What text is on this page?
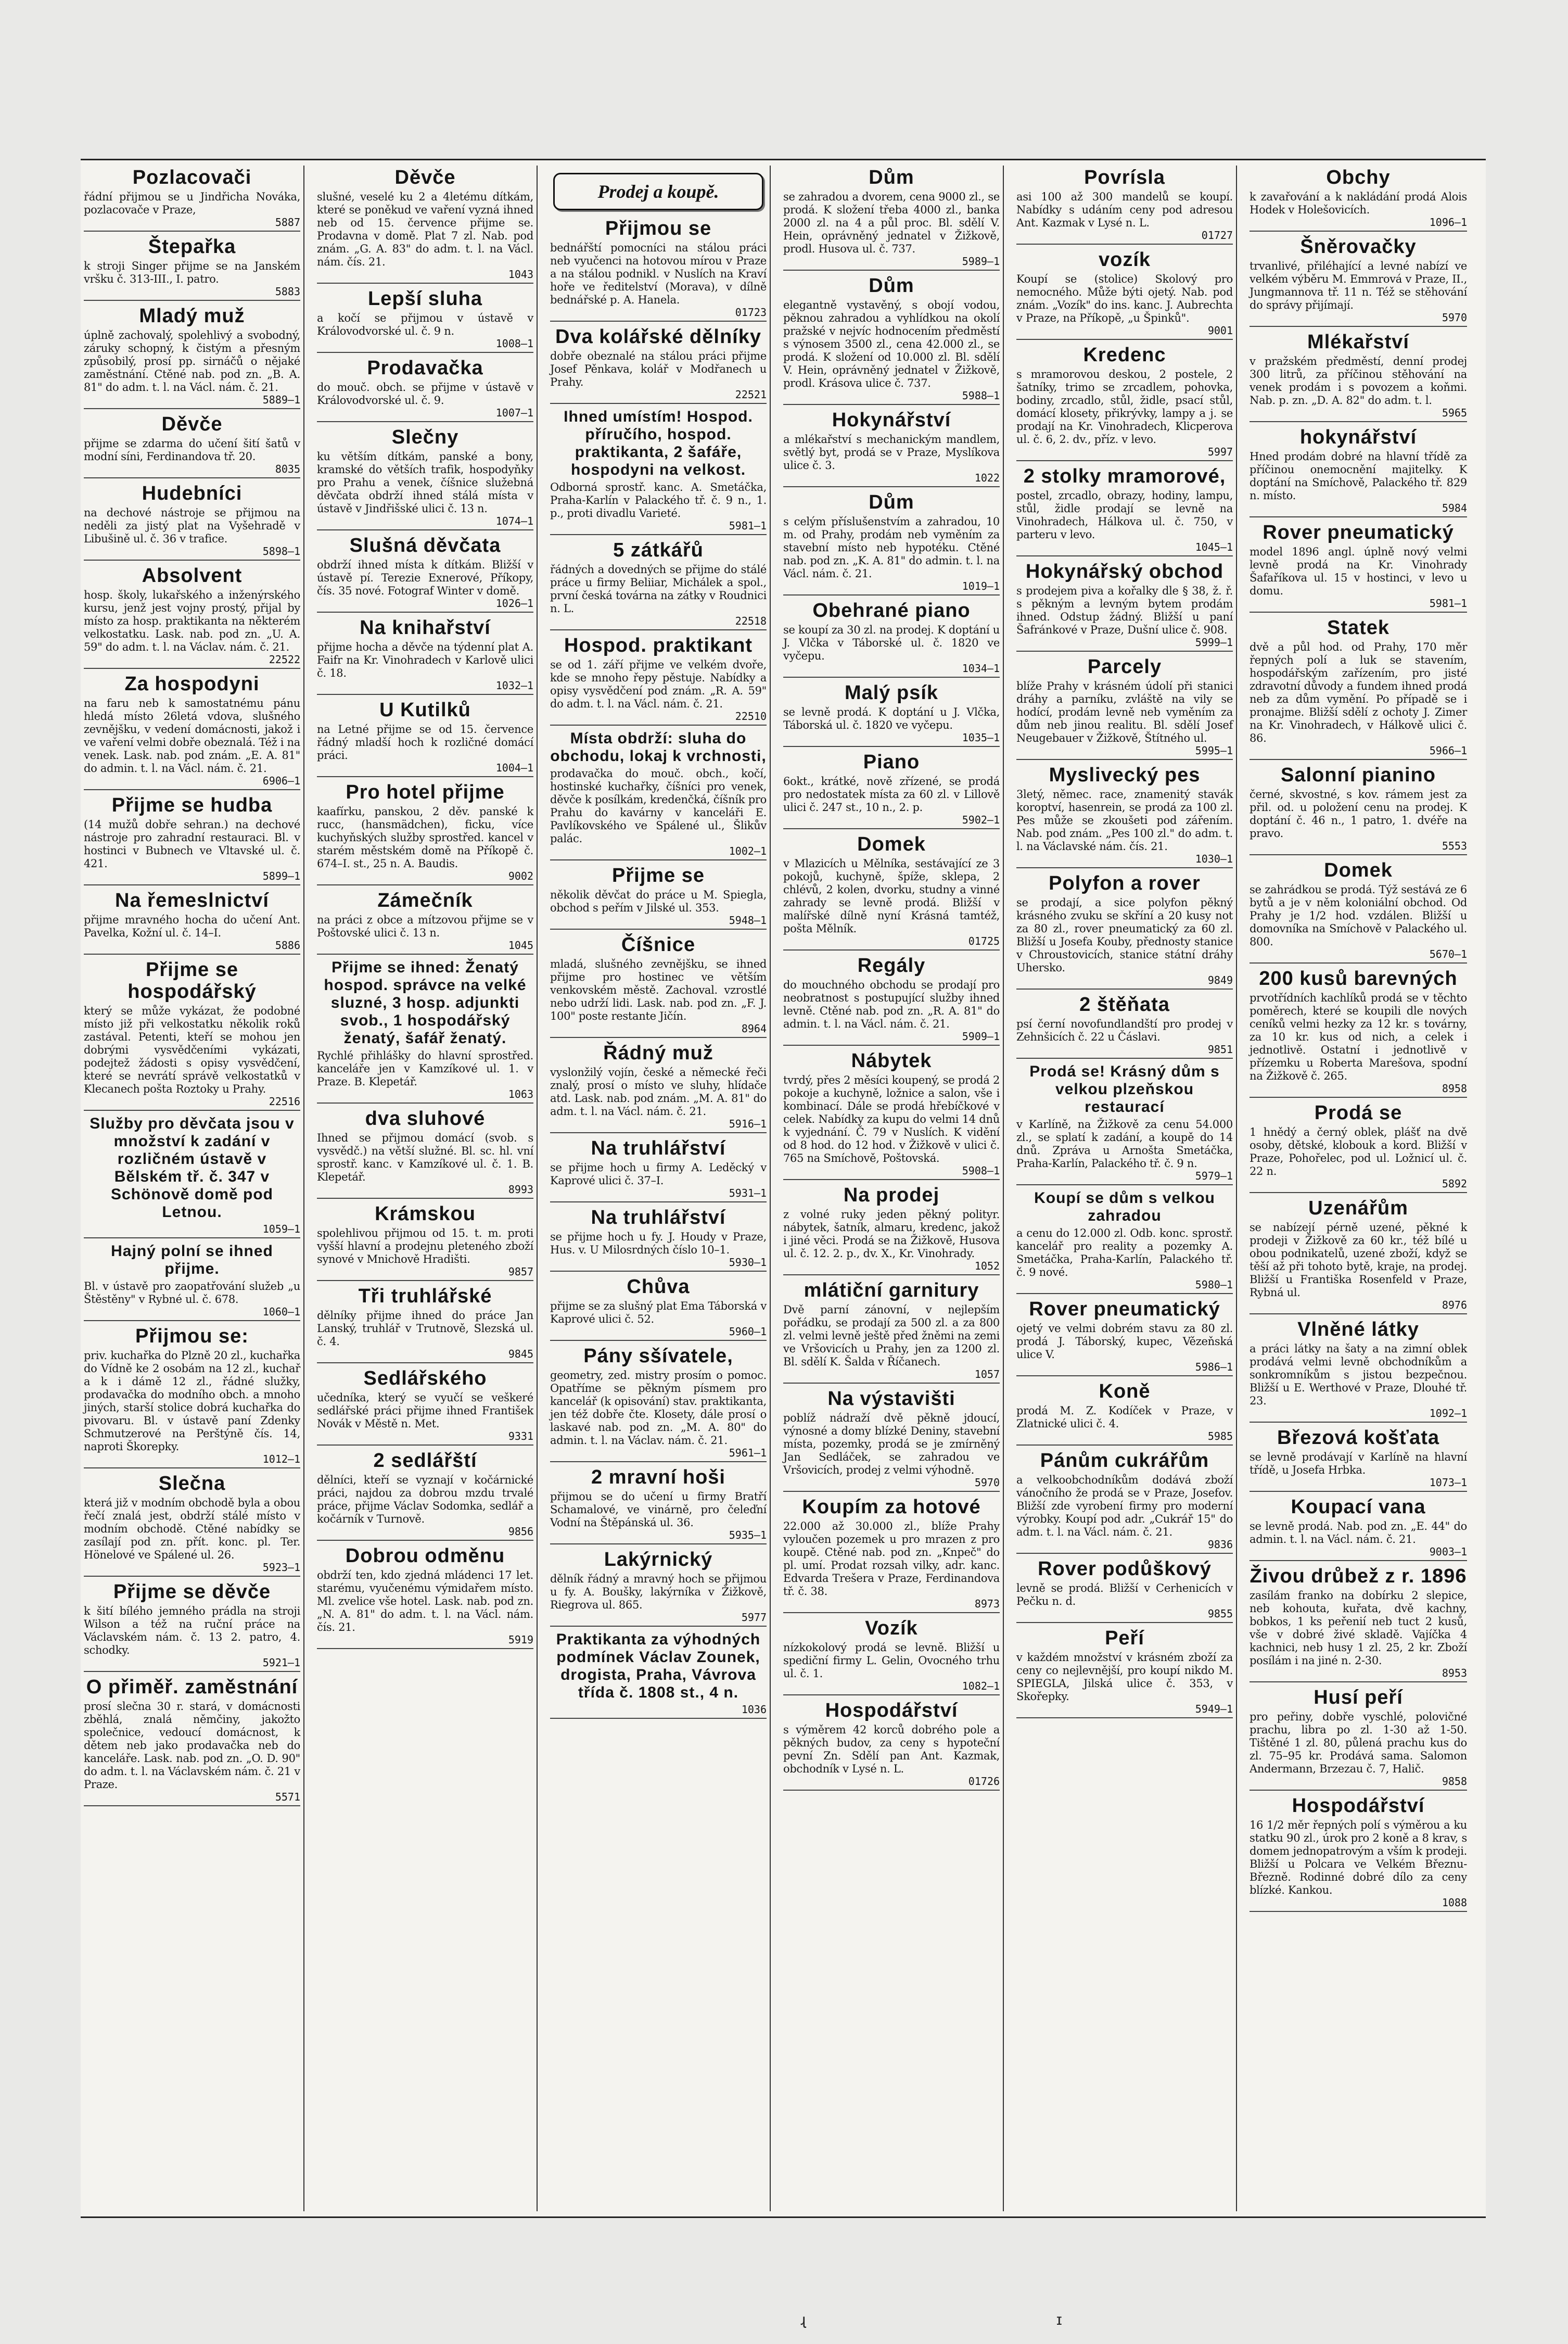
Pozlacovači

řádní přijmou se u Jindřicha Nováka, pozlacovače v Praze,

5887

Štepařka

k stroji Singer přijme se na Janském vršku č. 313-III., I. patro.

5883

Mladý muž

úplně zachovalý, spolehlivý a svobodný, záruky schopný, k čistým a přesným způsobilý, prosí pp. sirnáčů o nějaké zaměstnání. Ctěné nab. pod zn. „B. A. 81" do adm. t. l. na Václ. nám. č. 21.

5889–1

Děvče

přijme se zdarma do učení šití šatů v modní síni, Ferdinandova tř. 20.

8035

Hudebníci

na dechové nástroje se přijmou na neděli za jistý plat na Vyšehradě v Libušině ul. č. 36 v trafice.

5898–1

Absolvent

hosp. školy, lukařského a inženýrského kursu, jenž jest vojny prostý, přijal by místo za hosp. praktikanta na některém velkostatku. Lask. nab. pod zn. „U. A. 59" do adm. t. l. na Václav. nám. č. 21.

22522

Za hospodyni

na faru neb k samostatnému pánu hledá místo 26letá vdova, slušného zevnějšku, v vedení domácnosti, jakož i ve vaření velmi dobře obeznalá. Též i na venek. Lask. nab. pod znám. „E. A. 81" do admin. t. l. na Václ. nám. č. 21.

6906–1

Přijme se hudba

(14 mužů dobře sehran.) na dechové nástroje pro zahradní restauraci. Bl. v hostinci v Bubnech ve Vltavské ul. č. 421.

5899–1

Na řemeslnictví

přijme mravného hocha do učení Ant. Pavelka, Kožní ul. č. 14–I.

5886

Přijme se hospodářský

který se může vykázat, že podobné místo již při velkostatku několik roků zastával. Petenti, kteří se mohou jen dobrými vysvědčeními vykázati, podejtež žádosti s opisy vysvědčení, které se nevrátí správě velkostatků v Klecanech pošta Roztoky u Prahy.

22516

Služby pro děvčata jsou v množství k zadání v rozličném ústavě v Bělském tř. č. 347 v Schönově domě pod Letnou.

1059–1

Hajný polní se ihned přijme.

Bl. v ústavě pro zaopatřování služeb „u Štěstěny" v Rybné ul. č. 678.

1060–1

Přijmou se:

priv. kuchařka do Plzně 20 zl., kuchařka do Vídně ke 2 osobám na 12 zl., kuchař a k i dámě 12 zl., řádné služky, prodavačka do modního obch. a mnoho jiných, starší stolice dobrá kuchařka do pivovaru. Bl. v ústavě paní Zdenky Schmutzerové na Perštýně čís. 14, naproti Škorepky.

1012–1

Slečna

která již v modním obchodě byla a obou řečí znalá jest, obdrží stálé místo v modním obchodě. Ctěné nabídky se zasílají pod zn. přít. konc. pl. Ter. Hönelové ve Spálené ul. 26.

5923–1

Přijme se děvče

k šití bílého jemného prádla na stroji Wilson a též na ruční práce na Václavském nám. č. 13 2. patro, 4. schodky.

5921–1

O přiměř. zaměstnání

prosí slečna 30 r. stará, v domácnosti zběhlá, znalá němčiny, jakožto společnice, vedoucí domácnost, k dětem neb jako prodavačka neb do kanceláře. Lask. nab. pod zn. „O. D. 90" do adm. t. l. na Václavském nám. č. 21 v Praze.

5571

Děvče

slušné, veselé ku 2 a 4letému dítkám, které se poněkud ve vaření vyzná ihned neb od 15. července přijme se. Prodavna v domě. Plat 7 zl. Nab. pod znám. „G. A. 83" do adm. t. l. na Václ. nám. čís. 21.

1043

Lepší sluha

a kočí se přijmou v ústavě v Královodvorské ul. č. 9 n.

1008–1

Prodavačka

do mouč. obch. se přijme v ústavě v Královodvorské ul. č. 9.

1007–1

Slečny

ku větším dítkám, panské a bony, kramské do větších trafik, hospodyňky pro Prahu a venek, číšnice služebná děvčata obdrží ihned stálá místa v ústavě v Jindřišské ulici č. 13 n.

1074–1

Slušná děvčata

obdrží ihned místa k dítkám. Bližší v ústavě pí. Terezie Exnerové, Příkopy, čís. 35 nové. Fotograf Winter v domě.

1026–1

Na knihařství

přijme hocha a děvče na týdenní plat A. Faifr na Kr. Vinohradech v Karlově ulici č. 18.

1032–1

U Kutilků

na Letné přijme se od 15. července řádný mladší hoch k rozličné domácí práci.

1004–1

Pro hotel přijme

kaafírku, panskou, 2 děv. panské k rucc, (hansmädchen), ficku, více kuchyňských služby sprostřed. kancel v starém městském domě na Příkopě č. 674–I. st., 25 n. A. Baudis.

9002

Zámečník

na práci z obce a mítzovou přijme se v Poštovské ulici č. 13 n.

1045

Přijme se ihned: Ženatý hospod. správce na velké sluzné, 3 hosp. adjunkti svob., 1 hospodářský ženatý, šafář ženatý.

Rychlé přihlášky do hlavní sprostřed. kanceláře jen v Kamzíkové ul. 1. v Praze. B. Klepetář.

1063

dva sluhové

Ihned se přijmou domácí (svob. s vysvědč.) na větší služné. Bl. sc. hl. vní sprostř. kanc. v Kamzíkové ul. č. 1. B. Klepetář.

8993

Krámskou

spolehlivou přijmou od 15. t. m. proti vyšší hlavní a prodejnu pleteného zboží synové v Mnichově Hradišti.

9857

Tři truhlářské

dělníky přijme ihned do práce Jan Lanský, truhlář v Trutnově, Slezská ul. č. 4.

9845

Sedlářského

učedníka, který se vyučí se veškeré sedlářské práci přijme ihned František Novák v Městě n. Met.

9331

2 sedlářští

dělníci, kteří se vyznají v kočárnické práci, najdou za dobrou mzdu trvalé práce, přijme Václav Sodomka, sedlář a kočárník v Turnově.

9856

Dobrou odměnu

obdrží ten, kdo zjedná mládenci 17 let. starému, vyučenému výmidařem místo. Ml. zvelice vše hotel. Lask. nab. pod zn. „N. A. 81" do adm. t. l. na Václ. nám. čís. 21.

5919

Prodej a koupě.
Přijmou se

bednářští pomocníci na stálou práci neb vyučenci na hotovou mírou v Praze a na stálou podnikl. v Nuslích na Kraví hoře ve ředitelství (Morava), v dílně bednářské p. A. Hanela.

01723

Dva kolářské dělníky

dobře obeznalé na stálou práci přijme Josef Pěnkava, kolář v Modřanech u Prahy.

22521

Ihned umístím! Hospod. příručího, hospod. praktikanta, 2 šafáře, hospodyni na velkost.

Odborná sprostř. kanc. A. Smetáčka, Praha-Karlín v Palackého tř. č. 9 n., 1. p., proti divadlu Varieté.

5981–1

5 zátkářů

řádných a dovedných se přijme do stálé práce u firmy Beliiar, Michálek a spol., první česká továrna na zátky v Roudnici n. L.

22518

Hospod. praktikant

se od 1. září přijme ve velkém dvoře, kde se mnoho řepy pěstuje. Nabídky a opisy vysvědčení pod znám. „R. A. 59" do adm. t. l. na Václ. nám. č. 21.

22510

Místa obdrží: sluha do obchodu, lokaj k vrchnosti,

prodavačka do mouč. obch., kočí, hostinské kuchařky, číšníci pro venek, děvče k posílkám, kredenčká, číšník pro Prahu do kavárny v kanceláři E. Pavlíkovského ve Spálené ul., Šlikův palác.

1002–1

Přijme se

několik děvčat do práce u M. Spiegla, obchod s peřím v Jilské ul. 353.

5948–1

Číšnice

mladá, slušného zevnějšku, se ihned přijme pro hostinec ve větším venkovském městě. Zachoval. vzrostlé nebo udrží lidi. Lask. nab. pod zn. „F. J. 100" poste restante Jičín.

8964

Řádný muž

vyslonžilý vojín, české a německé řeči znalý, prosí o místo ve sluhy, hlídače atd. Lask. nab. pod znám. „M. A. 81" do adm. t. l. na Václ. nám. č. 21.

5916–1

Na truhlářství

se přijme hoch u firmy A. Leděcký v Kaprové ulici č. 37–I.

5931–1

Na truhlářství

se přijme hoch u fy. J. Houdy v Praze, Hus. v. U Milosrdných číslo 10–1.

5930–1

Chůva

přijme se za slušný plat Ema Táborská v Kaprové ulici č. 52.

5960–1

Pány sšívatele,

geometry, zed. mistry prosím o pomoc. Opatříme se pěkným písmem pro kancelář (k opisování) stav. praktikanta, jen též dobře čte. Klosety, dále prosí o laskavé nab. pod zn. „M. A. 80" do admin. t. l. na Václav. nám. č. 21.

5961–1

2 mravní hoši

přijmou se do učení u firmy Bratří Schamalové, ve vinárně, pro čeleďní Vodní na Štěpánská ul. 36.

5935–1

Lakýrnický

dělník řádný a mravný hoch se přijmou u fy. A. Boušky, lakýrníka v Žižkově, Riegrova ul. 865.

5977

Praktikanta za výhodných podmínek Václav Zounek, drogista, Praha, Vávrova třída č. 1808 st., 4 n.

1036

Dům

se zahradou a dvorem, cena 9000 zl., se prodá. K složení třeba 4000 zl., banka 2000 zl. na 4 a půl proc. Bl. sdělí V. Hein, oprávněný jednatel v Žižkově, prodl. Husova ul. č. 737.

5989–1

Dům

elegantně vystavěný, s obojí vodou, pěknou zahradou a vyhlídkou na okolí pražské v nejvíc hodnocením předměstí s výnosem 3500 zl., cena 42.000 zl., se prodá. K složení od 10.000 zl. Bl. sdělí V. Hein, oprávněný jednatel v Žižkově, prodl. Krásova ulice č. 737.

5988–1

Hokynářství

a mlékařství s mechanickým mandlem, světlý byt, prodá se v Praze, Myslíkova ulice č. 3.

1022

Dům

s celým příslušenstvím a zahradou, 10 m. od Prahy, prodám neb vyměním za stavební místo neb hypotéku. Ctěné nab. pod zn. „K. A. 81" do admin. t. l. na Václ. nám. č. 21.

1019–1

Obehrané piano

se koupí za 30 zl. na prodej. K doptání u J. Vlčka v Táborské ul. č. 1820 ve vyčepu.

1034–1

Malý psík

se levně prodá. K doptání u J. Vlčka, Táborská ul. č. 1820 ve vyčepu.

1035–1

Piano

6okt., krátké, nově zřízené, se prodá pro nedostatek místa za 60 zl. v Lillově ulici č. 247 st., 10 n., 2. p.

5902–1

Domek

v Mlazicích u Mělníka, sestávající ze 3 pokojů, kuchyně, špíže, sklepa, 2 chlévů, 2 kolen, dvorku, studny a vinné zahrady se levně prodá. Bližší v malířské dílně nyní Krásná tamtéž, pošta Mělník.

01725

Regály

do mouchného obchodu se prodají pro neobratnost s postupující služby ihned levně. Ctěné nab. pod zn. „R. A. 81" do admin. t. l. na Václ. nám. č. 21.

5909–1

Nábytek

tvrdý, přes 2 měsíci koupený, se prodá 2 pokoje a kuchyně, ložnice a salon, vše i kombinací. Dále se prodá hřebíčkové v celek. Nabídky za kupu do velmi 14 dnů k vyjednání. Č. 79 v Nuslích. K vidění od 8 hod. do 12 hod. v Žižkově v ulici č. 765 na Smíchově, Poštovská.

5908–1

Na prodej

z volné ruky jeden pěkný polityr. nábytek, šatník, almaru, kredenc, jakož i jiné věci. Prodá se na Žižkově, Husova ul. č. 12. 2. p., dv. X., Kr. Vinohrady.

1052

mlátiční garnitury

Dvě parní zánovní, v nejlepším pořádku, se prodají za 500 zl. a za 800 zl. velmi levně ještě před žněmi na zemi ve Vršovicích u Prahy, jen za 1200 zl. Bl. sdělí K. Šalda v Říčanech.

1057

Na výstavišti

poblíž nádraží dvě pěkně jdoucí, výnosné a domy blízké Deniny, stavební místa, pozemky, prodá se je zmírněný Jan Sedláček, se zahradou ve Vršovicích, prodej z velmi výhodně.

5970

Koupím za hotové

22.000 až 30.000 zl., blíže Prahy vyloučen pozemek u pro mrazen z pro koupě. Ctěné nab. pod zn. „Knpeč" do pl. umí. Prodat rozsah vilky, adr. kanc. Edvarda Trešera v Praze, Ferdinandova tř. č. 38.

8973

Vozík

nízkokolový prodá se levně. Bližší u spediční firmy L. Gelin, Ovocného trhu ul. č. 1.

1082–1

Hospodářství

s výměrem 42 korců dobrého pole a pěkných budov, za ceny s hypoteční pevní Zn. Sdělí pan Ant. Kazmak, obchodník v Lysé n. L.

01726

Povrísla

asi 100 až 300 mandelů se koupí. Nabídky s udáním ceny pod adresou Ant. Kazmak v Lysé n. L.

01727

vozík

Koupí se (stolice) Skolový pro nemocného. Může býti ojetý. Nab. pod znám. „Vozík" do ins. kanc. J. Aubrechta v Praze, na Příkopě, „u Špinků".

9001

Kredenc

s mramorovou deskou, 2 postele, 2 šatníky, trimo se zrcadlem, pohovka, bodiny, zrcadlo, stůl, židle, psací stůl, domácí klosety, přikrývky, lampy a j. se prodají na Kr. Vinohradech, Klicperova ul. č. 6, 2. dv., příz. v levo.

5997

2 stolky mramorové,

postel, zrcadlo, obrazy, hodiny, lampu, stůl, židle prodají se levně na Vinohradech, Hálkova ul. č. 750, v parteru v levo.

1045–1

Hokynářský obchod

s prodejem piva a kořalky dle § 38, ž. ř. s pěkným a levným bytem prodám ihned. Odstup žádný. Bližší u paní Šafránkové v Praze, Dušní ulice č. 908.

5999–1

Parcely

blíže Prahy v krásném údolí při stanici dráhy a parníku, zvláště na vily se hodící, prodám levně neb vyměním za dům neb jinou realitu. Bl. sdělí Josef Neugebauer v Žižkově, Štítného ul.

5995–1

Myslivecký pes

3letý, němec. race, znamenitý stavák koroptví, hasenrein, se prodá za 100 zl. Pes může se zkoušeti pod zářením. Nab. pod znám. „Pes 100 zl." do adm. t. l. na Václavské nám. čís. 21.

1030–1

Polyfon a rover

se prodají, a sice polyfon pěkný krásného zvuku se skříní a 20 kusy not za 80 zl., rover pneumatický za 60 zl. Bližší u Josefa Kouby, přednosty stanice v Chroustovicích, stanice státní dráhy Uhersko.

9849

2 štěňata

psí černí novofundlandští pro prodej v Zehnšicích č. 22 u Čáslavi.

9851

Prodá se! Krásný dům s velkou plzeňskou restaurací

v Karlíně, na Žižkově za cenu 54.000 zl., se splatí k zadání, a koupě do 14 dnů. Zpráva u Arnošta Smetáčka, Praha-Karlín, Palackého tř. č. 9 n.

5979–1

Koupí se dům s velkou zahradou

a cenu do 12.000 zl. Odb. konc. sprostř. kancelář pro reality a pozemky A. Smetáčka, Praha-Karlín, Palackého tř. č. 9 nové.

5980–1

Rover pneumatický

ojetý ve velmi dobrém stavu za 80 zl. prodá J. Táborský, kupec, Vězeňská ulice V.

5986–1

Koně

prodá M. Z. Kodíček v Praze, v Zlatnické ulici č. 4.

5985

Pánům cukrářům

a velkoobchodníkům dodává zboží vánočního že prodá se v Praze, Josefov. Bližší zde vyrobení firmy pro moderní výrobky. Koupí pod adr. „Cukrář 15" do adm. t. l. na Václ. nám. č. 21.

9836

Rover podůškový

levně se prodá. Bližší v Cerhenicích v Pečku n. d.

9855

Peří

v každém množství v krásném zboží za ceny co nejlevnější, pro koupí nikdo M. SPIEGLA, Jilská ulice č. 353, v Skořepky.

5949–1

Obchy

k zavařování a k nakládání prodá Alois Hodek v Holešovicích.

1096–1

Šněrovačky

trvanlivé, přiléhající a levné nabízí ve velkém výběru M. Emmrová v Praze, II., Jungmannova tř. 11 n. Též se stěhování do správy přijímají.

5970

Mlékařství

v pražském předměstí, denní prodej 300 litrů, za příčinou stěhování na venek prodám i s povozem a koňmi. Nab. p. zn. „D. A. 82" do adm. t. l.

5965

hokynářství

Hned prodám dobré na hlavní třídě za příčinou onemocnění majitelky. K doptání na Smíchově, Palackého tř. 829 n. místo.

5984

Rover pneumatický

model 1896 angl. úplně nový velmi levně prodá na Kr. Vinohrady Šafaříkova ul. 15 v hostinci, v levo u domu.

5981–1

Statek

dvě a půl hod. od Prahy, 170 měr řepných polí a luk se stavením, hospodářským zařízením, pro jisté zdravotní důvody a fundem ihned prodá neb za dům vymění. Po případě se i pronajme. Bližší sdělí z ochoty J. Zimer na Kr. Vinohradech, v Hálkově ulici č. 86.

5966–1

Salonní pianino

černé, skvostné, s kov. rámem jest za přil. od. u položení cenu na prodej. K doptání č. 46 n., 1 patro, 1. dvéře na pravo.

5553

Domek

se zahrádkou se prodá. Týž sestává ze 6 bytů a je v něm koloniální obchod. Od Prahy je 1/2 hod. vzdálen. Bližší u domovníka na Smíchově v Palackého ul. 800.

5670–1

200 kusů barevných

prvotřídních kachlíků prodá se v těchto poměrech, které se koupili dle nových ceníků velmi hezky za 12 kr. s továrny, za 10 kr. kus od nich, a celek i jednotlivě. Ostatní i jednotlivě v přízemku u Roberta Marešova, spodní na Žižkově č. 265.

8958

Prodá se

1 hnědý a černý oblek, plášť na dvě osoby, dětské, klobouk a kord. Bližší v Praze, Pohořelec, pod ul. Ložnicí ul. č. 22 n.

5892

Uzenářům

se nabízejí pérně uzené, pěkné k prodeji v Žižkově za 60 kr., též bílé u obou podnikatelů, uzené zboží, když se těší až při tohoto bytě, kraje, na prodej. Bližší u Františka Rosenfeld v Praze, Rybná ul.

8976

Vlněné látky

a práci látky na šaty a na zimní oblek prodává velmi levně obchodníkům a sonkromníkům s jistou bezpečnou. Bližší u E. Werthové v Praze, Dlouhé tř. 23.

1092–1

Březová košťata

se levně prodávají v Karlíně na hlavní třídě, u Josefa Hrbka.

1073–1

Koupací vana

se levně prodá. Nab. pod zn. „E. 44" do admin. t. l. na Václ. nám. č. 21.

9003–1

Živou drůbež z r. 1896

zasílám franko na dobírku 2 slepice, neb kohouta, kuřata, dvě kachny, bobkos, 1 ks peřenií neb tuct 2 kusů, vše v dobré živé skladě. Vajíčka 4 kachnici, neb husy 1 zl. 25, 2 kr. Zboží posílám i na jiné n. 2-30.

8953

Husí peří

pro peřiny, dobře vyschlé, polovičné prachu, libra po zl. 1-30 až 1-50. Tištěné 1 zl. 80, půlená prachu kus do zl. 75–95 kr. Prodává sama. Salomon Andermann, Brzezau č. 7, Halič.

9858

Hospodářství

16 1/2 měr řepných polí s výměrou a ku statku 90 zl., úrok pro 2 koně a 8 krav, s domem jednopatrovým a vším k prodeji. Bližší u Polcara ve Velkém Březnu-Březně. Rodinné dobré dílo za ceny blízké. Kankou.

1088

ɻ	ɪ
